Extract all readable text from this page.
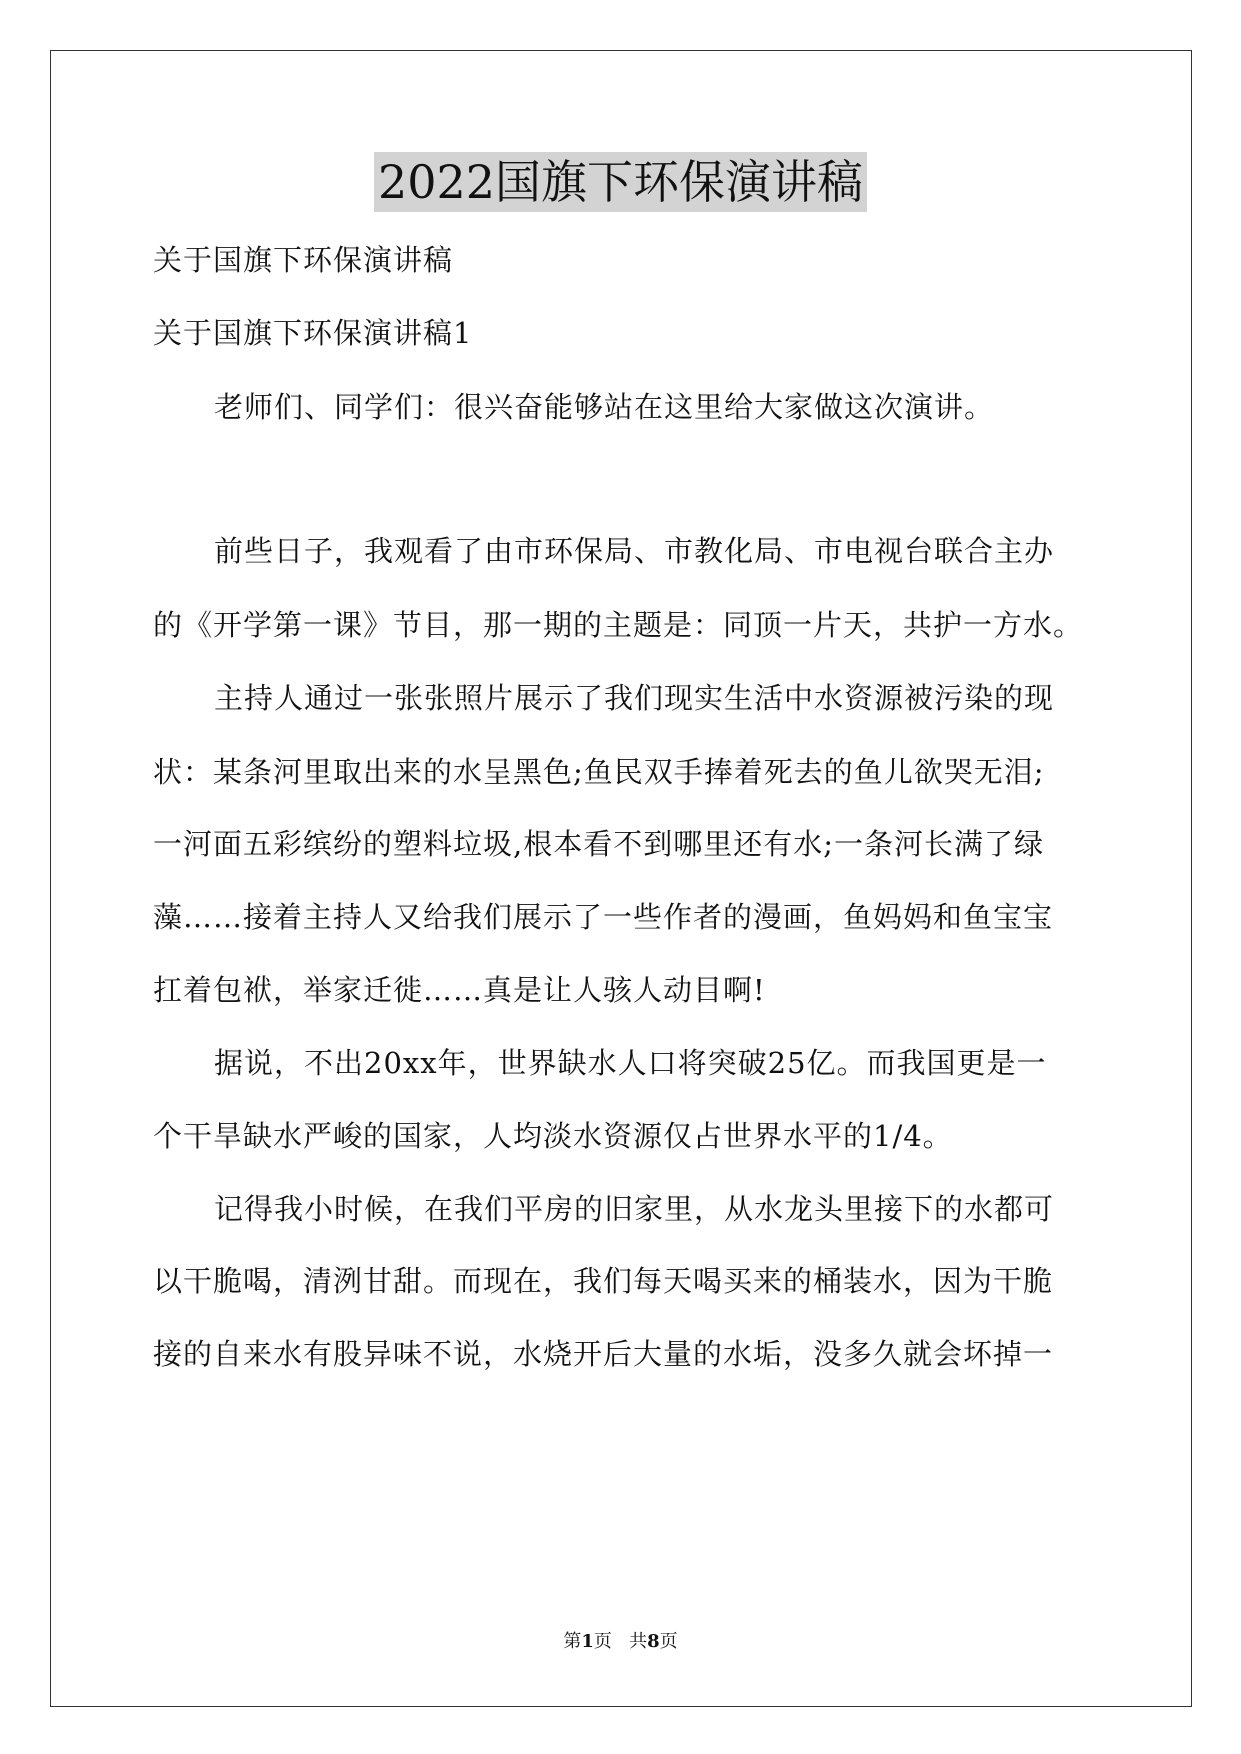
2022国旗下环保演讲稿

关于国旗下环保演讲稿

关于国旗下环保演讲稿1

老师们、同学们：很兴奋能够站在这里给大家做这次演讲。

前些日子，我观看了由市环保局、市教化局、市电视台联合主办

的《开学第一课》节目，那一期的主题是：同顶一片天，共护一方水。

主持人通过一张张照片展示了我们现实生活中水资源被污染的现

状：某条河里取出来的水呈黑色;鱼民双手捧着死去的鱼儿欲哭无泪;

一河面五彩缤纷的塑料垃圾,根本看不到哪里还有水;一条河长满了绿

藻……接着主持人又给我们展示了一些作者的漫画，鱼妈妈和鱼宝宝

扛着包袱，举家迁徙……真是让人骇人动目啊!

据说，不出20xx年，世界缺水人口将突破25亿。而我国更是一

个干旱缺水严峻的国家，人均淡水资源仅占世界水平的1/4。

记得我小时候，在我们平房的旧家里，从水龙头里接下的水都可

以干脆喝，清洌甘甜。而现在，我们每天喝买来的桶装水，因为干脆

接的自来水有股异味不说，水烧开后大量的水垢，没多久就会坏掉一

第1页 共8页
